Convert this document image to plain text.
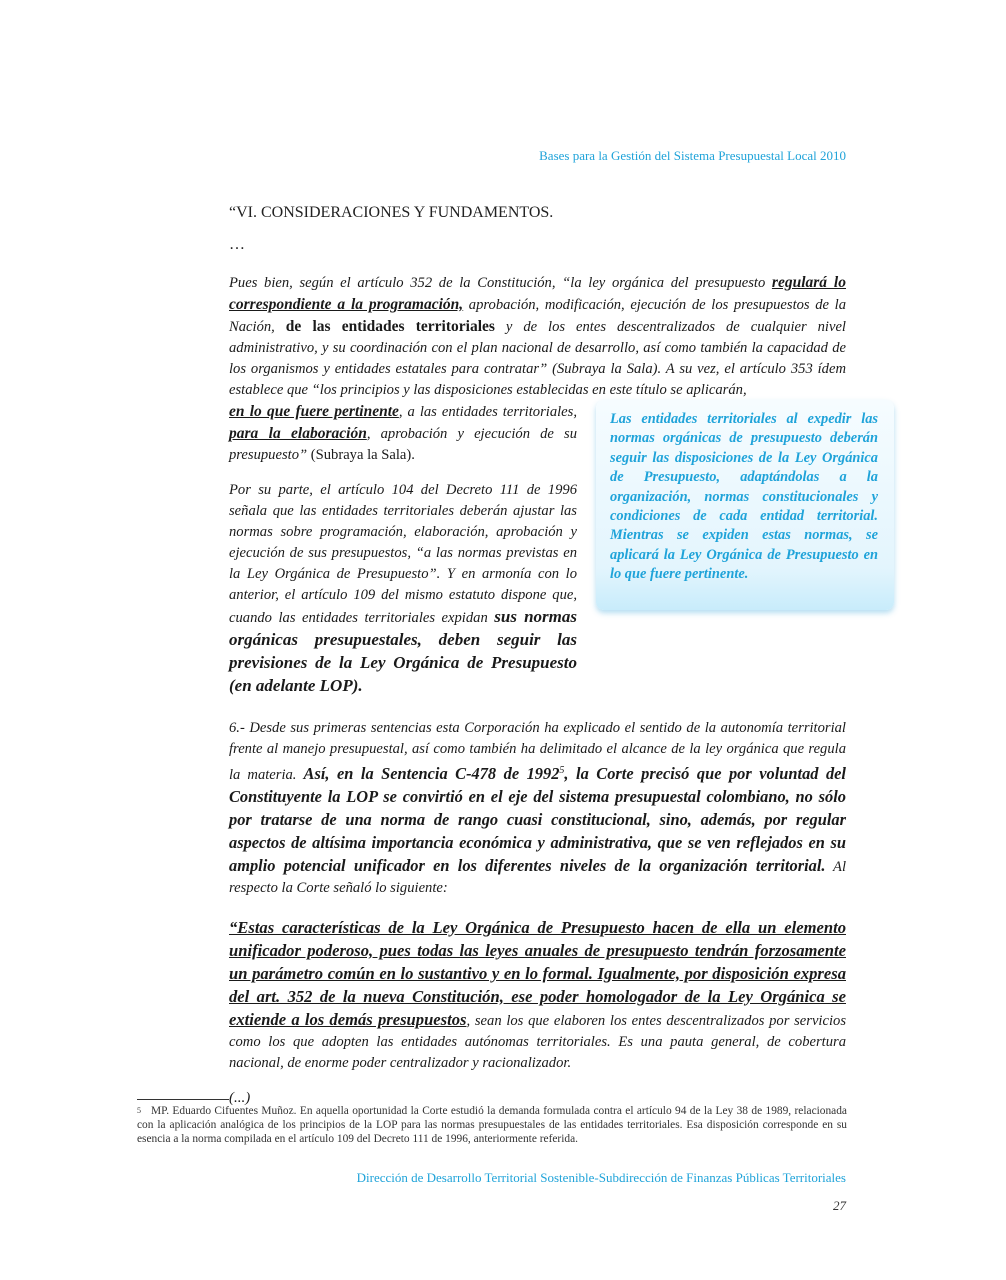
Bases para la Gestión del Sistema Presupuestal Local 2010

“VI. CONSIDERACIONES Y FUNDAMENTOS.

…

Pues bien, según el artículo 352 de la Constitución, “la ley orgánica del presupuesto regulará lo correspondiente a la programación, aprobación, modificación, ejecución de los presupuestos de la Nación, de las entidades territoriales y de los entes descentralizados de cualquier nivel administrativo, y su coordinación con el plan nacional de desarrollo, así como también la capacidad de los organismos y entidades estatales para contratar” (Subraya la Sala). A su vez, el artículo 353 ídem establece que “los principios y las disposiciones establecidas en este título se aplicarán,

en lo que fuere pertinente, a las entidades territoriales, para la elaboración, aprobación y ejecución de su presupuesto” (Subraya la Sala).

Por su parte, el artículo 104 del Decreto 111 de 1996 señala que las entidades territoriales deberán ajustar las normas sobre programación, elaboración, aprobación y ejecución de sus presupuestos, “a las normas previstas en la Ley Orgánica de Presupuesto”. Y en armonía con lo anterior, el artículo 109 del mismo estatuto dispone que, cuando las entidades territoriales expidan sus normas orgánicas presupuestales, deben seguir las previsiones de la Ley Orgánica de Presupuesto (en adelante LOP).

6.- Desde sus primeras sentencias esta Corporación ha explicado el sentido de la autonomía territorial frente al manejo presupuestal, así como también ha delimitado el alcance de la ley orgánica que regula la materia. Así, en la Sentencia C-478 de 1992$^5$, la Corte precisó que por voluntad del Constituyente la LOP se convirtió en el eje del sistema presupuestal colombiano, no sólo por tratarse de una norma de rango cuasi constitucional, sino, además, por regular aspectos de altísima importancia económica y administrativa, que se ven reflejados en su amplio potencial unificador en los diferentes niveles de la organización territorial. Al respecto la Corte señaló lo siguiente:

“Estas características de la Ley Orgánica de Presupuesto hacen de ella un elemento unificador poderoso, pues todas las leyes anuales de presupuesto tendrán forzosamente un parámetro común en lo sustantivo y en lo formal. Igualmente, por disposición expresa del art. 352 de la nueva Constitución, ese poder homologador de la Ley Orgánica se extiende a los demás presupuestos, sean los que elaboren los entes descentralizados por servicios como los que adopten las entidades autónomas territoriales. Es una pauta general, de cobertura nacional, de enorme poder centralizador y racionalizador.

(...)

Las entidades territoriales al expedir las normas orgánicas de presupuesto deberán seguir las disposiciones de la Ley Orgánica de Presupuesto, adaptándolas a la organización, normas constitucionales y condiciones de cada entidad territorial. Mientras se expiden estas normas, se aplicará la Ley Orgánica de Presupuesto en lo que fuere pertinente.
$^5$ MP. Eduardo Cifuentes Muñoz. En aquella oportunidad la Corte estudió la demanda formulada contra el artículo 94 de la Ley 38 de 1989, relacionada con la aplicación analógica de los principios de la LOP para las normas presupuestales de las entidades territoriales. Esa disposición corresponde en su esencia a la norma compilada en el artículo 109 del Decreto 111 de 1996, anteriormente referida.
Dirección de Desarrollo Territorial Sostenible-Subdirección de Finanzas Públicas Territoriales
27
